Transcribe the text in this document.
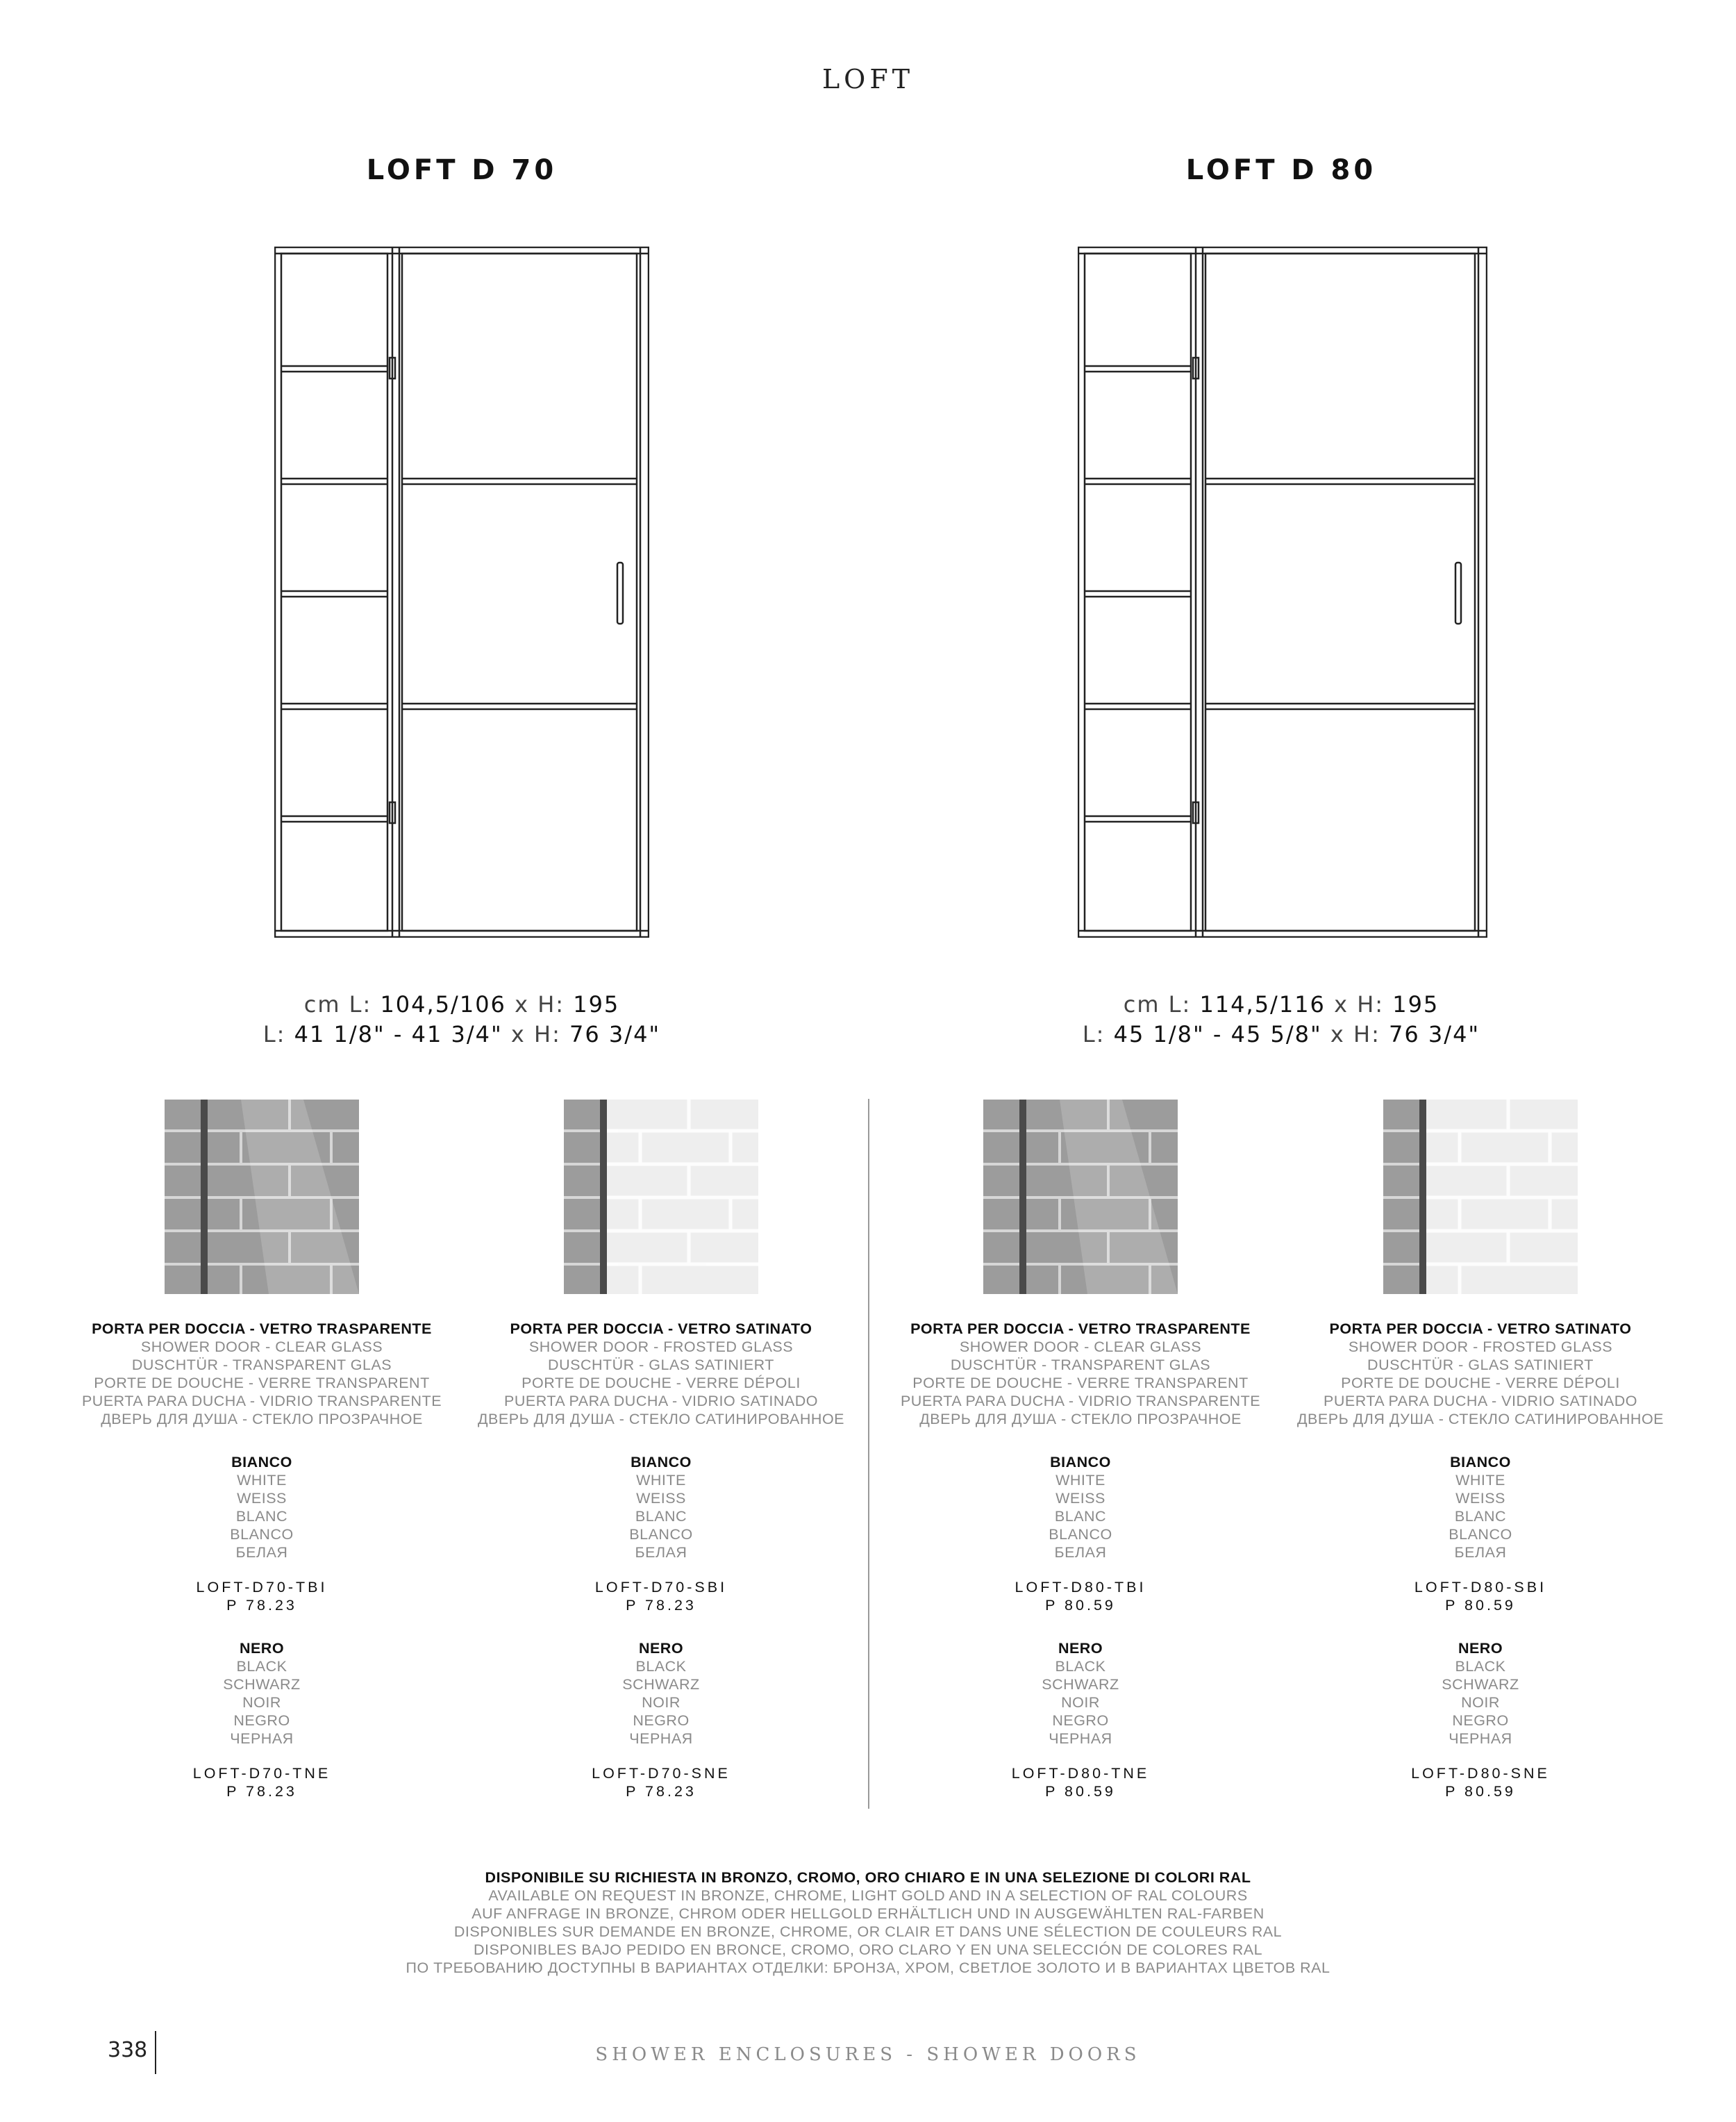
LOFT
LOFT D 70	LOFT D 80
cm L: 104,5/106 x H: 195
L: 41 1/8" - 41 3/4" x H: 76 3/4"
cm L: 114,5/116 x H: 195
L: 45 1/8" - 45 5/8" x H: 76 3/4"
PORTA PER DOCCIA - VETRO TRASPARENTE
SHOWER DOOR - CLEAR GLASS
DUSCHTÜR - TRANSPARENT GLAS
PORTE DE DOUCHE - VERRE TRANSPARENT
PUERTA PARA DUCHA - VIDRIO TRANSPARENTE
ДВЕРЬ ДЛЯ ДУША - СТЕКЛО ПРОЗРАЧНОЕ
BIANCO
WHITE
WEISS
BLANC
BLANCO
БЕЛАЯ
LOFT-D70-TBI
P 78.23
NERO
BLACK
SCHWARZ
NOIR
NEGRO
ЧЕРНАЯ
LOFT-D70-TNE
P 78.23
PORTA PER DOCCIA - VETRO SATINATO
SHOWER DOOR - FROSTED GLASS
DUSCHTÜR - GLAS SATINIERT
PORTE DE DOUCHE - VERRE DÉPOLI
PUERTA PARA DUCHA - VIDRIO SATINADO
ДВЕРЬ ДЛЯ ДУША - СТЕКЛО САТИНИРОВАННОЕ
BIANCO
WHITE
WEISS
BLANC
BLANCO
БЕЛАЯ
LOFT-D70-SBI
P 78.23
NERO
BLACK
SCHWARZ
NOIR
NEGRO
ЧЕРНАЯ
LOFT-D70-SNE
P 78.23
PORTA PER DOCCIA - VETRO TRASPARENTE
SHOWER DOOR - CLEAR GLASS
DUSCHTÜR - TRANSPARENT GLAS
PORTE DE DOUCHE - VERRE TRANSPARENT
PUERTA PARA DUCHA - VIDRIO TRANSPARENTE
ДВЕРЬ ДЛЯ ДУША - СТЕКЛО ПРОЗРАЧНОЕ
BIANCO
WHITE
WEISS
BLANC
BLANCO
БЕЛАЯ
LOFT-D80-TBI
P 80.59
NERO
BLACK
SCHWARZ
NOIR
NEGRO
ЧЕРНАЯ
LOFT-D80-TNE
P 80.59
PORTA PER DOCCIA - VETRO SATINATO
SHOWER DOOR - FROSTED GLASS
DUSCHTÜR - GLAS SATINIERT
PORTE DE DOUCHE - VERRE DÉPOLI
PUERTA PARA DUCHA - VIDRIO SATINADO
ДВЕРЬ ДЛЯ ДУША - СТЕКЛО САТИНИРОВАННОЕ
BIANCO
WHITE
WEISS
BLANC
BLANCO
БЕЛАЯ
LOFT-D80-SBI
P 80.59
NERO
BLACK
SCHWARZ
NOIR
NEGRO
ЧЕРНАЯ
LOFT-D80-SNE
P 80.59
DISPONIBILE SU RICHIESTA IN BRONZO, CROMO, ORO CHIARO E IN UNA SELEZIONE DI COLORI RAL
AVAILABLE ON REQUEST IN BRONZE, CHROME, LIGHT GOLD AND IN A SELECTION OF RAL COLOURS
AUF ANFRAGE IN BRONZE, CHROM ODER HELLGOLD ERHÄLTLICH UND IN AUSGEWÄHLTEN RAL-FARBEN
DISPONIBLES SUR DEMANDE EN BRONZE, CHROME, OR CLAIR ET DANS UNE SÉLECTION DE COULEURS RAL
DISPONIBLES BAJO PEDIDO EN BRONCE, CROMO, ORO CLARO Y EN UNA SELECCIÓN DE COLORES RAL
ПО ТРЕБОВАНИЮ ДОСТУПНЫ В ВАРИАНТАХ ОТДЕЛКИ: БРОНЗА, ХРОМ, СВЕТЛОЕ ЗОЛОТО И В ВАРИАНТАХ ЦВЕТОВ RAL
338	SHOWER ENCLOSURES - SHOWER DOORS
